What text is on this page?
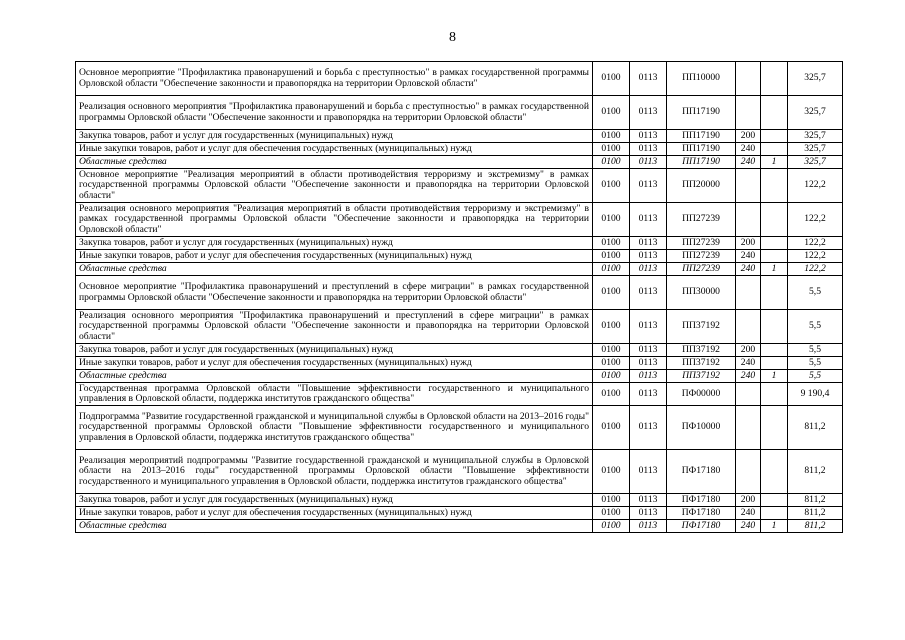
8
Основное мероприятие "Профилактика правонарушений и борьба с преступностью" в рамках государственной программы Орловской области "Обеспечение законности и правопорядка на территории Орловской области"	0100	0113	ПП10000			325,7
Реализация основного мероприятия "Профилактика правонарушений и борьба с преступностью" в рамках государственной программы Орловской области "Обеспечение законности и правопорядка на территории Орловской области"	0100	0113	ПП17190			325,7
Закупка товаров, работ и услуг для государственных (муниципальных) нужд	0100	0113	ПП17190	200		325,7
Иные закупки товаров, работ и услуг для обеспечения государственных (муниципальных) нужд	0100	0113	ПП17190	240		325,7
Областные средства	0100	0113	ПП17190	240	1	325,7
Основное мероприятие "Реализация мероприятий в области противодействия терроризму и экстремизму" в рамках государственной программы Орловской области "Обеспечение законности и правопорядка на территории Орловской области"	0100	0113	ПП20000			122,2
Реализация основного мероприятия "Реализация мероприятий в области противодействия терроризму и экстремизму" в рамках государственной программы Орловской области "Обеспечение законности и правопорядка на территории Орловской области"	0100	0113	ПП27239			122,2
Закупка товаров, работ и услуг для государственных (муниципальных) нужд	0100	0113	ПП27239	200		122,2
Иные закупки товаров, работ и услуг для обеспечения государственных (муниципальных) нужд	0100	0113	ПП27239	240		122,2
Областные средства	0100	0113	ПП27239	240	1	122,2
Основное мероприятие "Профилактика правонарушений и преступлений в сфере миграции" в рамках государственной программы Орловской области "Обеспечение законности и правопорядка на территории Орловской области"	0100	0113	ПП30000			5,5
Реализация основного мероприятия "Профилактика правонарушений и преступлений в сфере миграции" в рамках государственной программы Орловской области "Обеспечение законности и правопорядка на территории Орловской области"	0100	0113	ПП37192			5,5
Закупка товаров, работ и услуг для государственных (муниципальных) нужд	0100	0113	ПП37192	200		5,5
Иные закупки товаров, работ и услуг для обеспечения государственных (муниципальных) нужд	0100	0113	ПП37192	240		5,5
Областные средства	0100	0113	ПП37192	240	1	5,5
Государственная программа Орловской области "Повышение эффективности государственного и муниципального управления в Орловской области, поддержка институтов гражданского общества"	0100	0113	ПФ00000			9 190,4
Подпрограмма "Развитие государственной гражданской и муниципальной службы в Орловской области на 2013–2016 годы" государственной программы Орловской области "Повышение эффективности государственного и муниципального управления в Орловской области, поддержка институтов гражданского общества"	0100	0113	ПФ10000			811,2
Реализация мероприятий подпрограммы "Развитие государственной гражданской и муниципальной службы в Орловской области на 2013–2016 годы" государственной программы Орловской области "Повышение эффективности государственного и муниципального управления в Орловской области, поддержка институтов гражданского общества"	0100	0113	ПФ17180			811,2
Закупка товаров, работ и услуг для государственных (муниципальных) нужд	0100	0113	ПФ17180	200		811,2
Иные закупки товаров, работ и услуг для обеспечения государственных (муниципальных) нужд	0100	0113	ПФ17180	240		811,2
Областные средства	0100	0113	ПФ17180	240	1	811,2
